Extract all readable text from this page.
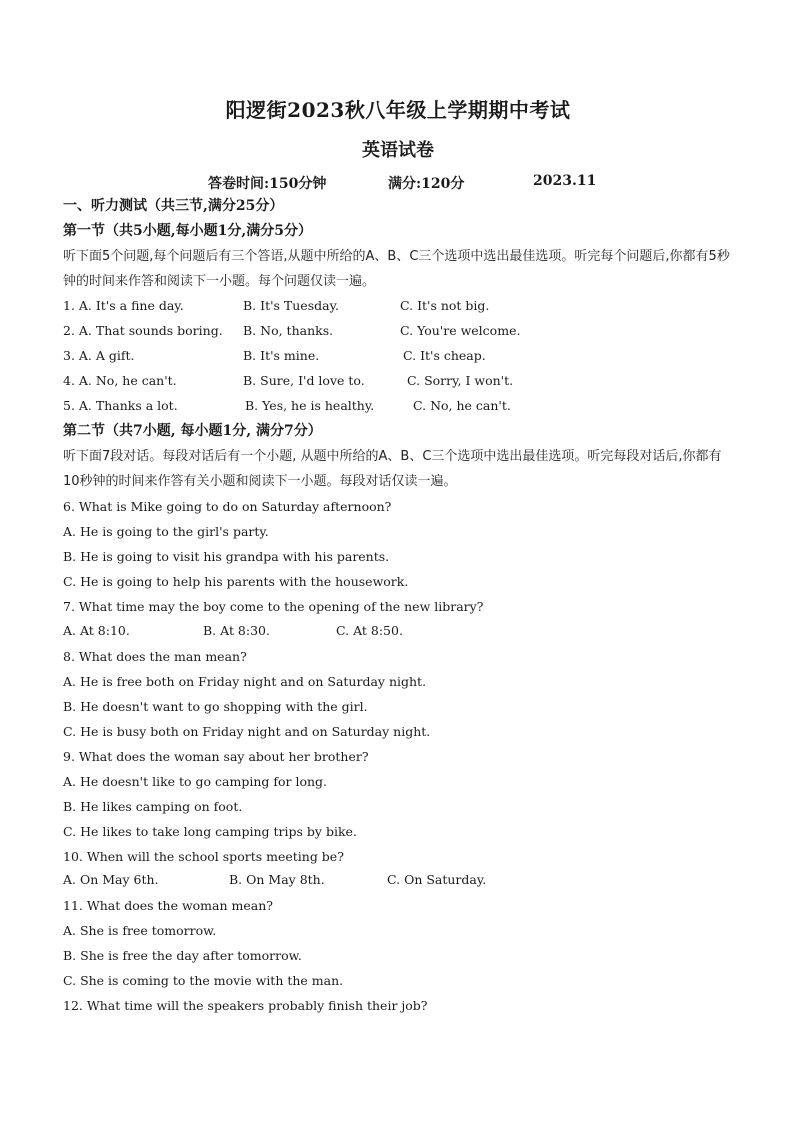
阳逻街2023秋八年级上学期期中考试
英语试卷
答卷时间:150分钟	满分:120分	2023.11
一、听力测试（共三节,满分25分）
第一节（共5小题,每小题1分,满分5分）
听下面5个问题,每个问题后有三个答语,从题中所给的A、B、C三个选项中选出最佳选项。听完每个问题后,你都有5秒钟的时间来作答和阅读下一小题。每个问题仅读一遍。
1. A. It's a fine day.	B. It's Tuesday.	C. It's not big.
2. A. That sounds boring. B. No, thanks.	C. You're welcome.
3. A. A gift.	B. It's mine.	C. It's cheap.
4. A. No, he can't.	B. Sure, I'd love to.	C. Sorry, I won't.
5. A. Thanks a lot.	B. Yes, he is healthy.	C. No, he can't.
第二节（共7小题, 每小题1分, 满分7分）
听下面7段对话。每段对话后有一个小题, 从题中所给的A、B、C三个选项中选出最佳选项。听完每段对话后,你都有10秒钟的时间来作答有关小题和阅读下一小题。每段对话仅读一遍。
6. What is Mike going to do on Saturday afternoon?
A. He is going to the girl's party.
B. He is going to visit his grandpa with his parents.
C. He is going to help his parents with the housework.
7. What time may the boy come to the opening of the new library?
A. At 8:10.	B. At 8:30.	C. At 8:50.
8. What does the man mean?
A. He is free both on Friday night and on Saturday night.
B. He doesn't want to go shopping with the girl.
C. He is busy both on Friday night and on Saturday night.
9. What does the woman say about her brother?
A. He doesn't like to go camping for long.
B. He likes camping on foot.
C. He likes to take long camping trips by bike.
10. When will the school sports meeting be?
A. On May 6th.	B. On May 8th.	C. On Saturday.
11. What does the woman mean?
A. She is free tomorrow.
B. She is free the day after tomorrow.
C. She is coming to the movie with the man.
12. What time will the speakers probably finish their job?
